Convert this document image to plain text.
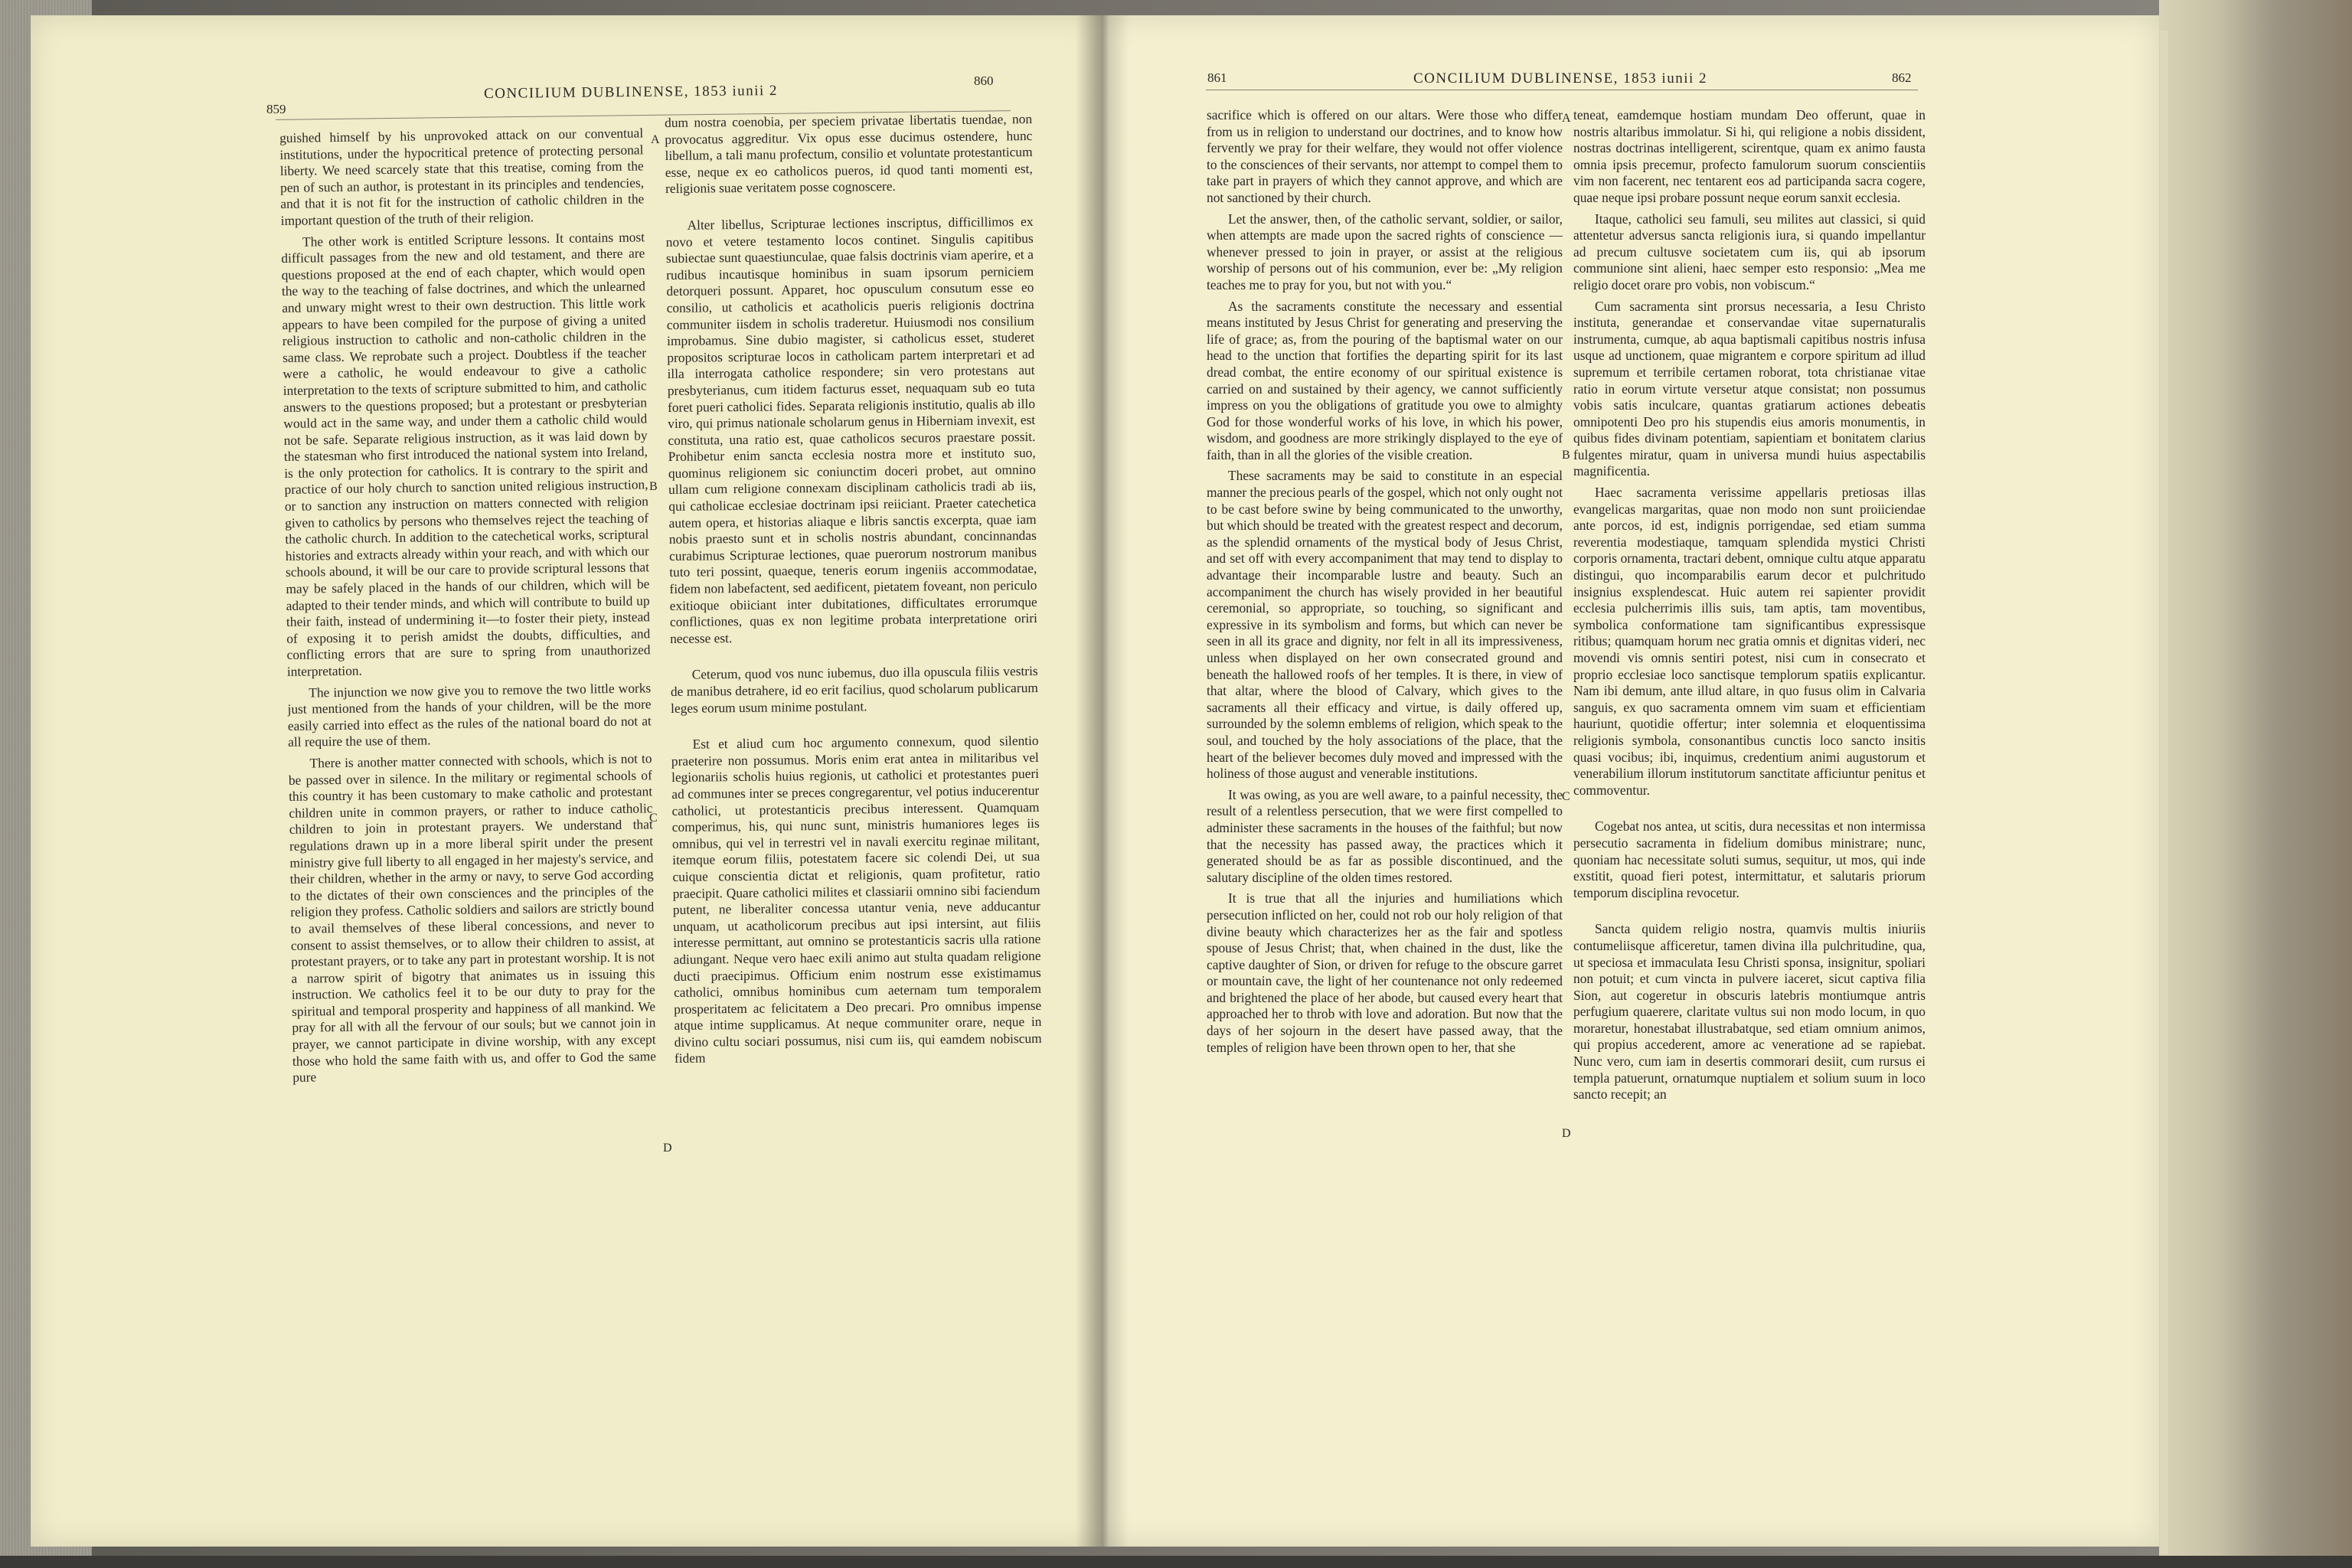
859
CONCILIUM DUBLINENSE, 1853 iunii 2
860

guished himself by his unprovoked attack on our conventual institutions, under the hypocritical pretence of protecting personal liberty. We need scarcely state that this treatise, coming from the pen of such an author, is protestant in its principles and tendencies, and that it is not fit for the instruction of catholic children in the important question of the truth of their religion.

The other work is entitled Scripture lessons. It contains most difficult passages from the new and old testament, and there are questions proposed at the end of each chapter, which would open the way to the teaching of false doctrines, and which the unlearned and unwary might wrest to their own destruction. This little work appears to have been compiled for the purpose of giving a united religious instruction to catholic and non-catholic children in the same class. We reprobate such a project. Doubtless if the teacher were a catholic, he would endeavour to give a catholic interpretation to the texts of scripture submitted to him, and catholic answers to the questions proposed; but a protestant or presbyterian would act in the same way, and under them a catholic child would not be safe. Separate religious instruction, as it was laid down by the statesman who first introduced the national system into Ireland, is the only protection for catholics. It is contrary to the spirit and practice of our holy church to sanction united religious instruction, or to sanction any instruction on matters connected with religion given to catholics by persons who themselves reject the teaching of the catholic church. In addition to the catechetical works, scriptural histories and extracts already within your reach, and with which our schools abound, it will be our care to provide scriptural lessons that may be safely placed in the hands of our children, which will be adapted to their tender minds, and which will contribute to build up their faith, instead of undermining it—to foster their piety, instead of exposing it to perish amidst the doubts, difficulties, and conflicting errors that are sure to spring from unauthorized interpretation.

The injunction we now give you to remove the two little works just mentioned from the hands of your children, will be the more easily carried into effect as the rules of the national board do not at all require the use of them.

There is another matter connected with schools, which is not to be passed over in silence. In the military or regimental schools of this country it has been customary to make catholic and protestant children unite in common prayers, or rather to induce catholic children to join in protestant prayers. We understand that regulations drawn up in a more liberal spirit under the present ministry give full liberty to all engaged in her majesty's service, and their children, whether in the army or navy, to serve God according to the dictates of their own consciences and the principles of the religion they profess. Catholic soldiers and sailors are strictly bound to avail themselves of these liberal concessions, and never to consent to assist themselves, or to allow their children to assist, at protestant prayers, or to take any part in protestant worship. It is not a narrow spirit of bigotry that animates us in issuing this instruction. We catholics feel it to be our duty to pray for the spiritual and temporal prosperity and happiness of all mankind. We pray for all with all the fervour of our souls; but we cannot join in prayer, we cannot participate in divine worship, with any except those who hold the same faith with us, and offer to God the same pure

A
B
C
D

dum nostra coenobia, per speciem privatae libertatis tuendae, non provocatus aggreditur. Vix opus esse ducimus ostendere, hunc libellum, a tali manu profectum, consilio et voluntate protestanticum esse, neque ex eo catholicos pueros, id quod tanti momenti est, religionis suae veritatem posse cognoscere.

Alter libellus, Scripturae lectiones inscriptus, difficillimos ex novo et vetere testamento locos continet. Singulis capitibus subiectae sunt quaestiunculae, quae falsis doctrinis viam aperire, et a rudibus incautisque hominibus in suam ipsorum perniciem detorqueri possunt. Apparet, hoc opusculum consutum esse eo consilio, ut catholicis et acatholicis pueris religionis doctrina communiter iisdem in scholis traderetur. Huiusmodi nos consilium improbamus. Sine dubio magister, si catholicus esset, studeret propositos scripturae locos in catholicam partem interpretari et ad illa interrogata catholice respondere; sin vero protestans aut presbyterianus, cum itidem facturus esset, nequaquam sub eo tuta foret pueri catholici fides. Separata religionis institutio, qualis ab illo viro, qui primus nationale scholarum genus in Hiberniam invexit, est constituta, una ratio est, quae catholicos securos praestare possit. Prohibetur enim sancta ecclesia nostra more et instituto suo, quominus religionem sic coniunctim doceri probet, aut omnino ullam cum religione connexam disciplinam catholicis tradi ab iis, qui catholicae ecclesiae doctrinam ipsi reiiciant. Praeter catechetica autem opera, et historias aliaque e libris sanctis excerpta, quae iam nobis praesto sunt et in scholis nostris abundant, concinnandas curabimus Scripturae lectiones, quae puerorum nostrorum manibus tuto teri possint, quaeque, teneris eorum ingeniis accommodatae, fidem non labefactent, sed aedificent, pietatem foveant, non periculo exitioque obiiciant inter dubitationes, difficultates errorumque conflictiones, quas ex non legitime probata interpretatione oriri necesse est.

Ceterum, quod vos nunc iubemus, duo illa opuscula filiis vestris de manibus detrahere, id eo erit facilius, quod scholarum publicarum leges eorum usum minime postulant.

Est et aliud cum hoc argumento connexum, quod silentio praeterire non possumus. Moris enim erat antea in militaribus vel legionariis scholis huius regionis, ut catholici et protestantes pueri ad communes inter se preces congregarentur, vel potius inducerentur catholici, ut protestanticis precibus interessent. Quamquam comperimus, his, qui nunc sunt, ministris humaniores leges iis omnibus, qui vel in terrestri vel in navali exercitu reginae militant, itemque eorum filiis, potestatem facere sic colendi Dei, ut sua cuique conscientia dictat et religionis, quam profitetur, ratio praecipit. Quare catholici milites et classiarii omnino sibi faciendum putent, ne liberaliter concessa utantur venia, neve adducantur unquam, ut acatholicorum precibus aut ipsi intersint, aut filiis interesse permittant, aut omnino se protestanticis sacris ulla ratione adiungant. Neque vero haec exili animo aut stulta quadam religione ducti praecipimus. Officium enim nostrum esse existimamus catholici, omnibus hominibus cum aeternam tum temporalem prosperitatem ac felicitatem a Deo precari. Pro omnibus impense atque intime supplicamus. At neque communiter orare, neque in divino cultu sociari possumus, nisi cum iis, qui eamdem nobiscum fidem

861	CONCILIUM DUBLINENSE, 1853 iunii 2	862

sacrifice which is offered on our altars. Were those who differ from us in religion to understand our doctrines, and to know how fervently we pray for their welfare, they would not offer violence to the consciences of their servants, nor attempt to compel them to take part in prayers of which they cannot approve, and which are not sanctioned by their church.

Let the answer, then, of the catholic servant, soldier, or sailor, when attempts are made upon the sacred rights of conscience — whenever pressed to join in prayer, or assist at the religious worship of persons out of his communion, ever be: „My religion teaches me to pray for you, but not with you.“

As the sacraments constitute the necessary and essential means instituted by Jesus Christ for generating and preserving the life of grace; as, from the pouring of the baptismal water on our head to the unction that fortifies the departing spirit for its last dread combat, the entire economy of our spiritual existence is carried on and sustained by their agency, we cannot sufficiently impress on you the obligations of gratitude you owe to almighty God for those wonderful works of his love, in which his power, wisdom, and goodness are more strikingly displayed to the eye of faith, than in all the glories of the visible creation.

These sacraments may be said to constitute in an especial manner the precious pearls of the gospel, which not only ought not to be cast before swine by being communicated to the unworthy, but which should be treated with the greatest respect and decorum, as the splendid ornaments of the mystical body of Jesus Christ, and set off with every accompaniment that may tend to display to advantage their incomparable lustre and beauty. Such an accompaniment the church has wisely provided in her beautiful ceremonial, so appropriate, so touching, so significant and expressive in its symbolism and forms, but which can never be seen in all its grace and dignity, nor felt in all its impressiveness, unless when displayed on her own consecrated ground and beneath the hallowed roofs of her temples. It is there, in view of that altar, where the blood of Calvary, which gives to the sacraments all their efficacy and virtue, is daily offered up, surrounded by the solemn emblems of religion, which speak to the soul, and touched by the holy associations of the place, that the heart of the believer becomes duly moved and impressed with the holiness of those august and venerable institutions.

It was owing, as you are well aware, to a painful necessity, the result of a relentless persecution, that we were first compelled to administer these sacraments in the houses of the faithful; but now that the necessity has passed away, the practices which it generated should be as far as possible discontinued, and the salutary discipline of the olden times restored.

It is true that all the injuries and humiliations which persecution inflicted on her, could not rob our holy religion of that divine beauty which characterizes her as the fair and spotless spouse of Jesus Christ; that, when chained in the dust, like the captive daughter of Sion, or driven for refuge to the obscure garret or mountain cave, the light of her countenance not only redeemed and brightened the place of her abode, but caused every heart that approached her to throb with love and adoration. But now that the days of her sojourn in the desert have passed away, that the temples of religion have been thrown open to her, that she

A
B
C
D

teneat, eamdemque hostiam mundam Deo offerunt, quae in nostris altaribus immolatur. Si hi, qui religione a nobis dissident, nostras doctrinas intelligerent, scirentque, quam ex animo fausta omnia ipsis precemur, profecto famulorum suorum conscientiis vim non facerent, nec tentarent eos ad participanda sacra cogere, quae neque ipsi probare possunt neque eorum sanxit ecclesia.

Itaque, catholici seu famuli, seu milites aut classici, si quid attentetur adversus sancta religionis iura, si quando impellantur ad precum cultusve societatem cum iis, qui ab ipsorum communione sint alieni, haec semper esto responsio: „Mea me religio docet orare pro vobis, non vobiscum.“

Cum sacramenta sint prorsus necessaria, a Iesu Christo instituta, generandae et conservandae vitae supernaturalis instrumenta, cumque, ab aqua baptismali capitibus nostris infusa usque ad unctionem, quae migrantem e corpore spiritum ad illud supremum et terribile certamen roborat, tota christianae vitae ratio in eorum virtute versetur atque consistat; non possumus vobis satis inculcare, quantas gratiarum actiones debeatis omnipotenti Deo pro his stupendis eius amoris monumentis, in quibus fides divinam potentiam, sapientiam et bonitatem clarius fulgentes miratur, quam in universa mundi huius aspectabilis magnificentia.

Haec sacramenta verissime appellaris pretiosas illas evangelicas margaritas, quae non modo non sunt proiiciendae ante porcos, id est, indignis porrigendae, sed etiam summa reverentia modestiaque, tamquam splendida mystici Christi corporis ornamenta, tractari debent, omnique cultu atque apparatu distingui, quo incomparabilis earum decor et pulchritudo insignius exsplendescat. Huic autem rei sapienter providit ecclesia pulcherrimis illis suis, tam aptis, tam moventibus, symbolica conformatione tam significantibus expressisque ritibus; quamquam horum nec gratia omnis et dignitas videri, nec movendi vis omnis sentiri potest, nisi cum in consecrato et proprio ecclesiae loco sanctisque templorum spatiis explicantur. Nam ibi demum, ante illud altare, in quo fusus olim in Calvaria sanguis, ex quo sacramenta omnem vim suam et efficientiam hauriunt, quotidie offertur; inter solemnia et eloquentissima religionis symbola, consonantibus cunctis loco sancto insitis quasi vocibus; ibi, inquimus, credentium animi augustorum et venerabilium illorum institutorum sanctitate afficiuntur penitus et commoventur.

Cogebat nos antea, ut scitis, dura necessitas et non intermissa persecutio sacramenta in fidelium domibus ministrare; nunc, quoniam hac necessitate soluti sumus, sequitur, ut mos, qui inde exstitit, quoad fieri potest, intermittatur, et salutaris priorum temporum disciplina revocetur.

Sancta quidem religio nostra, quamvis multis iniuriis contumeliisque afficeretur, tamen divina illa pulchritudine, qua, ut speciosa et immaculata Iesu Christi sponsa, insignitur, spoliari non potuit; et cum vincta in pulvere iaceret, sicut captiva filia Sion, aut cogeretur in obscuris latebris montiumque antris perfugium quaerere, claritate vultus sui non modo locum, in quo moraretur, honestabat illustrabatque, sed etiam omnium animos, qui propius accederent, amore ac veneratione ad se rapiebat. Nunc vero, cum iam in desertis commorari desiit, cum rursus ei templa patuerunt, ornatumque nuptialem et solium suum in loco sancto recepit; an
